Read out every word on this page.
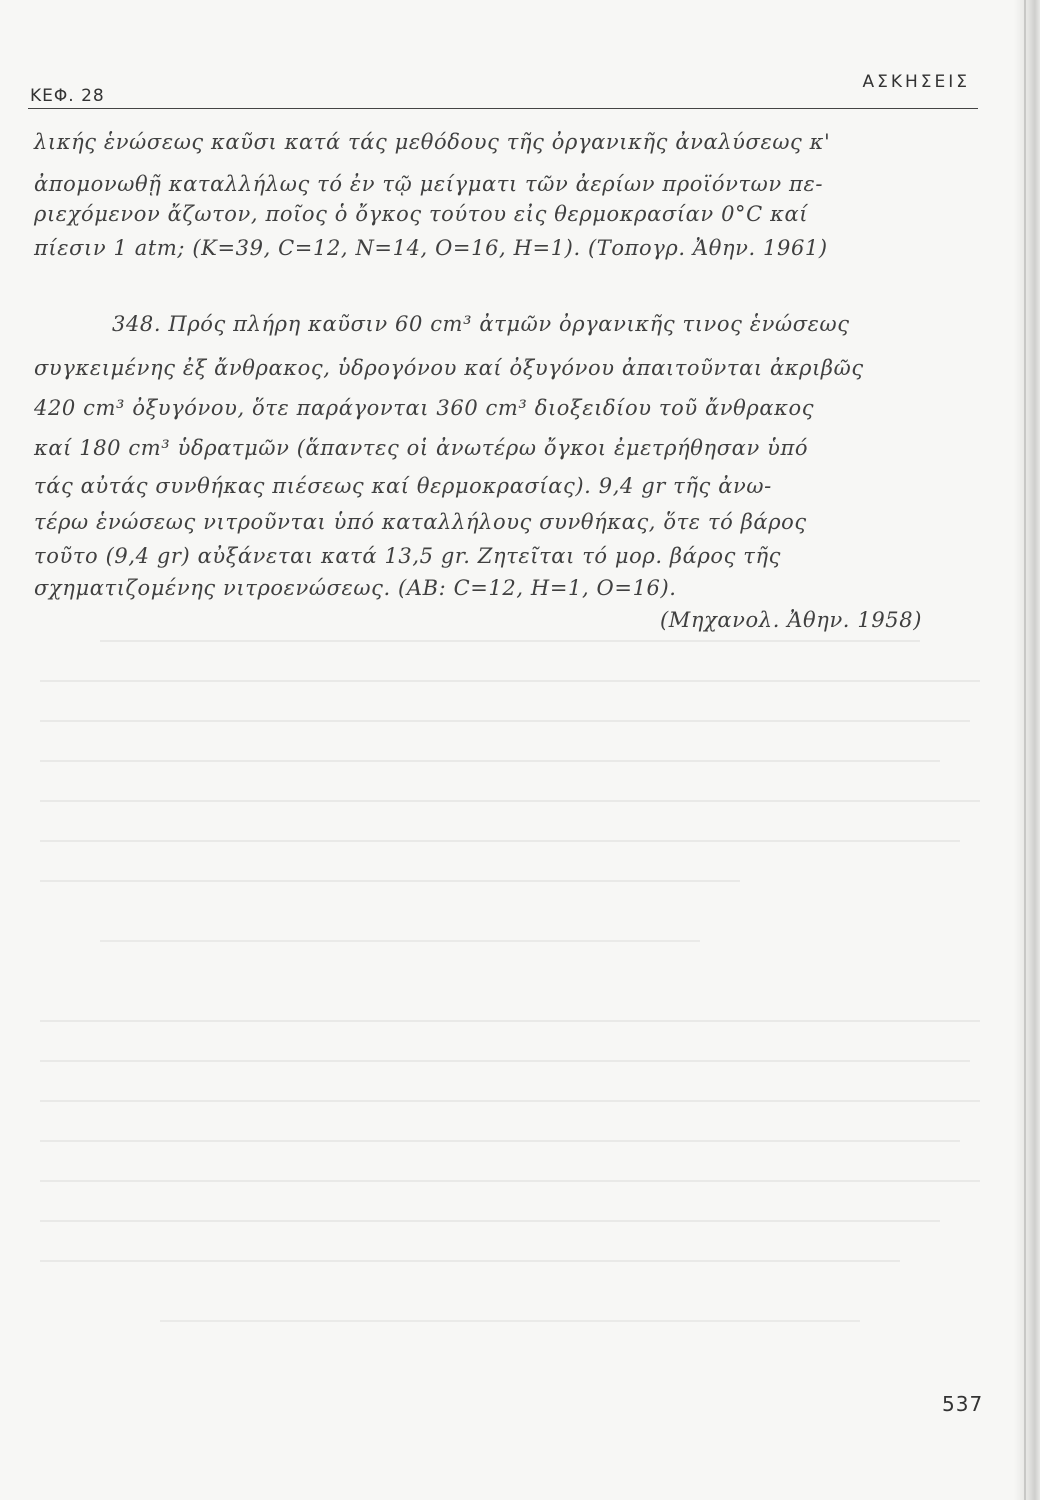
ΚΕΦ. 28
ΑΣΚΗΣΕΙΣ
λικής ἑνώσεως καῦσι κατά τάς μεθόδους τῆς ὀργανικῆς ἀναλύσεως κ'
ἀπομονωθῇ καταλλήλως τό ἐν τῷ μείγματι τῶν ἀερίων προϊόντων πε-
ριεχόμενον ἄζωτον, ποῖος ὁ ὄγκος τούτου εἰς θερμοκρασίαν 0°C καί
πίεσιν 1 atm; (Κ=39, C=12, Ν=14, Ο=16, Η=1). (Τοπογρ. Ἀθην. 1961)
348. Πρός πλήρη καῦσιν 60 cm³ ἀτμῶν ὀργανικῆς τινος ἑνώσεως
συγκειμένης ἐξ ἄνθρακος, ὑδρογόνου καί ὀξυγόνου ἀπαιτοῦνται ἀκριβῶς
420 cm³ ὀξυγόνου, ὅτε παράγονται 360 cm³ διοξειδίου τοῦ ἄνθρακος
καί 180 cm³ ὑδρατμῶν (ἅπαντες οἱ ἀνωτέρω ὄγκοι ἐμετρήθησαν ὑπό
τάς αὐτάς συνθήκας πιέσεως καί θερμοκρασίας). 9,4 gr τῆς ἀνω-
τέρω ἑνώσεως νιτροῦνται ὑπό καταλλήλους συνθήκας, ὅτε τό βάρος
τοῦτο (9,4 gr) αὐξάνεται κατά 13,5 gr. Ζητεῖται τό μορ. βάρος τῆς
σχηματιζομένης νιτροενώσεως. (ΑΒ: C=12, Η=1, Ο=16).
(Μηχανολ. Ἀθην. 1958)
537
